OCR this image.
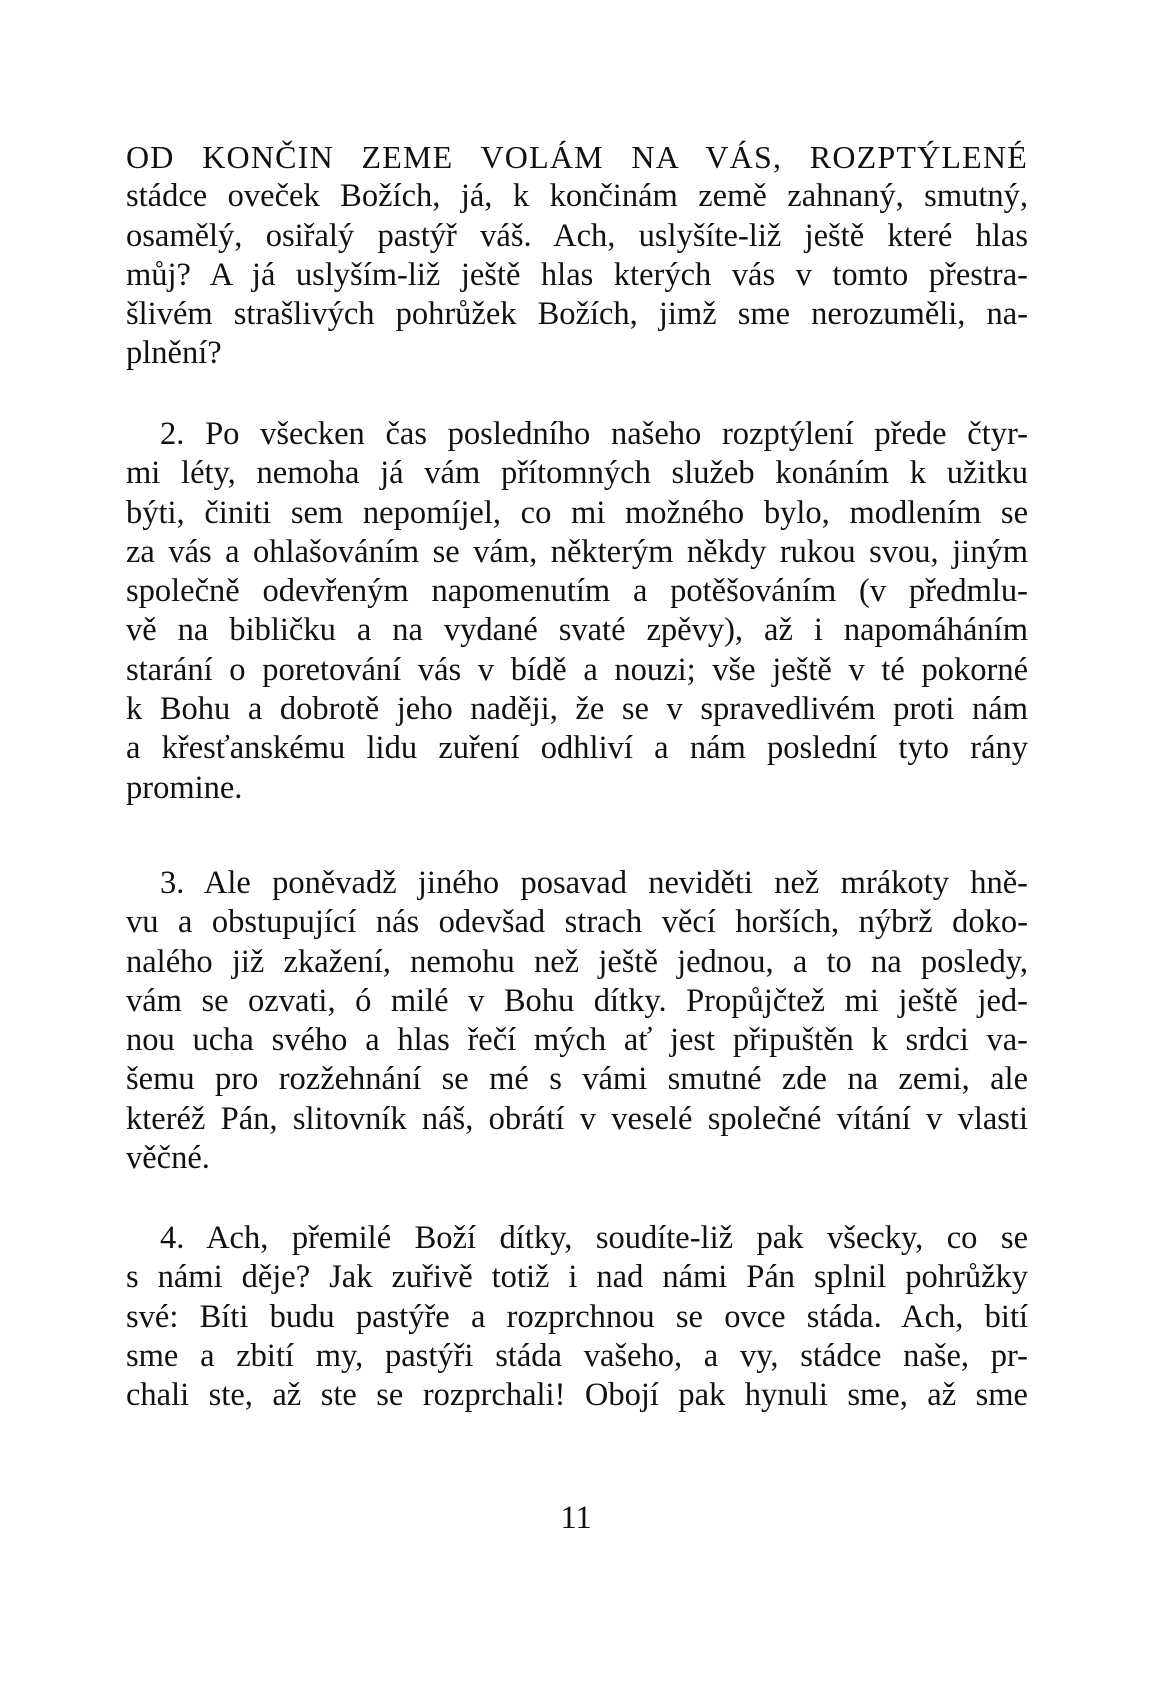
OD KONČIN ZEME VOLÁM NA VÁS, ROZPTÝLENÉ
stádce oveček Božích, já, k končinám země zahnaný, smutný,
osamělý, osiřalý pastýř váš. Ach, uslyšíte-liž ještě které hlas
můj? A já uslyším-liž ještě hlas kterých vás v tomto přestra-
šlivém strašlivých pohrůžek Božích, jimž sme nerozuměli, na-
plnění?
2. Po všecken čas posledního našeho rozptýlení přede čtyr-
mi léty, nemoha já vám přítomných služeb konáním k užitku
býti, činiti sem nepomíjel, co mi možného bylo, modlením se
za vás a ohlašováním se vám, některým někdy rukou svou, jiným
společně odevřeným napomenutím a potěšováním (v předmlu-
vě na bibličku a na vydané svaté zpěvy), až i napomáháním
starání o poretování vás v bídě a nouzi; vše ještě v té pokorné
k Bohu a dobrotě jeho naději, že se v spravedlivém proti nám
a křesťanskému lidu zuření odhliví a nám poslední tyto rány
promine.
3. Ale poněvadž jiného posavad neviděti než mrákoty hně-
vu a obstupující nás odevšad strach věcí horších, nýbrž doko-
nalého již zkažení, nemohu než ještě jednou, a to na posledy,
vám se ozvati, ó milé v Bohu dítky. Propůjčtež mi ještě jed-
nou ucha svého a hlas řečí mých ať jest připuštěn k srdci va-
šemu pro rozžehnání se mé s vámi smutné zde na zemi, ale
kteréž Pán, slitovník náš, obrátí v veselé společné vítání v vlasti
věčné.
4. Ach, přemilé Boží dítky, soudíte-liž pak všecky, co se
s námi děje? Jak zuřivě totiž i nad námi Pán splnil pohrůžky
své: Bíti budu pastýře a rozprchnou se ovce stáda. Ach, bití
sme a zbití my, pastýři stáda vašeho, a vy, stádce naše, pr-
chali ste, až ste se rozprchali! Obojí pak hynuli sme, až sme
11
